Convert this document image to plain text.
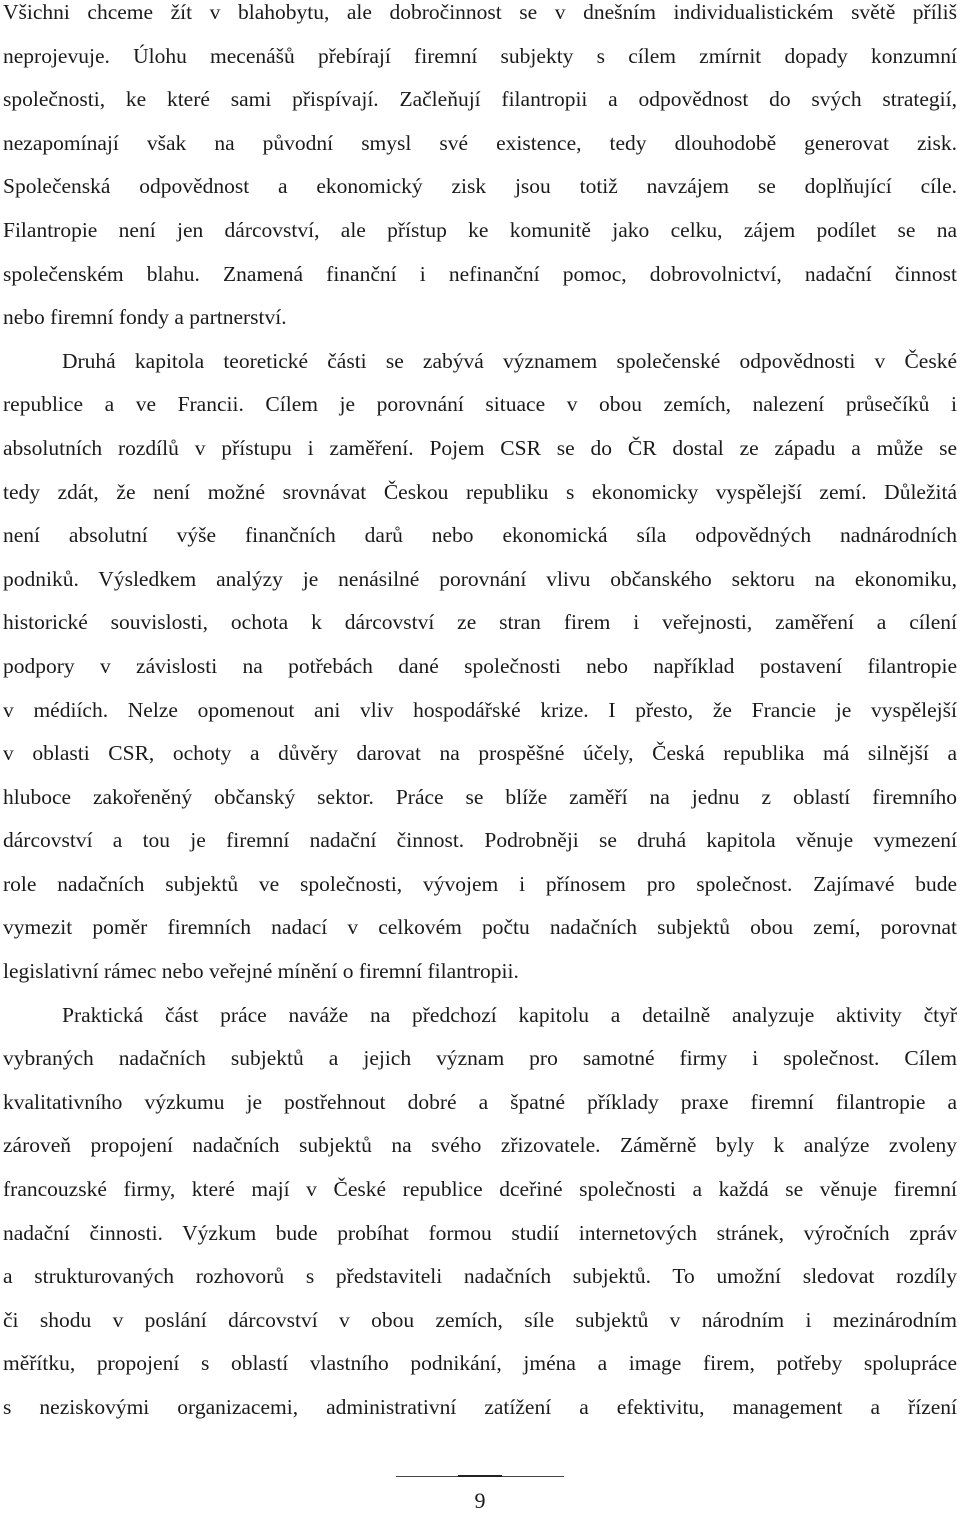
Všichni chceme žít v blahobytu, ale dobročinnost se v dnešním individualistickém světě příliš
neprojevuje. Úlohu mecenášů přebírají firemní subjekty s cílem zmírnit dopady konzumní
společnosti, ke které sami přispívají. Začleňují filantropii a odpovědnost do svých strategií,
nezapomínají však na původní smysl své existence, tedy dlouhodobě generovat zisk.
Společenská odpovědnost a ekonomický zisk jsou totiž navzájem se doplňující cíle.
Filantropie není jen dárcovství, ale přístup ke komunitě jako celku, zájem podílet se na
společenském blahu. Znamená finanční i nefinanční pomoc, dobrovolnictví, nadační činnost
nebo firemní fondy a partnerství.
Druhá kapitola teoretické části se zabývá významem společenské odpovědnosti v České
republice a ve Francii. Cílem je porovnání situace v obou zemích, nalezení průsečíků i
absolutních rozdílů v přístupu i zaměření. Pojem CSR se do ČR dostal ze západu a může se
tedy zdát, že není možné srovnávat Českou republiku s ekonomicky vyspělejší zemí. Důležitá
není absolutní výše finančních darů nebo ekonomická síla odpovědných nadnárodních
podniků. Výsledkem analýzy je nenásilné porovnání vlivu občanského sektoru na ekonomiku,
historické souvislosti, ochota k dárcovství ze stran firem i veřejnosti, zaměření a cílení
podpory v závislosti na potřebách dané společnosti nebo například postavení filantropie
v médiích. Nelze opomenout ani vliv hospodářské krize. I přesto, že Francie je vyspělejší
v oblasti CSR, ochoty a důvěry darovat na prospěšné účely, Česká republika má silnější a
hluboce zakořeněný občanský sektor. Práce se blíže zaměří na jednu z oblastí firemního
dárcovství a tou je firemní nadační činnost. Podrobněji se druhá kapitola věnuje vymezení
role nadačních subjektů ve společnosti, vývojem i přínosem pro společnost. Zajímavé bude
vymezit poměr firemních nadací v celkovém počtu nadačních subjektů obou zemí, porovnat
legislativní rámec nebo veřejné mínění o firemní filantropii.
Praktická část práce naváže na předchozí kapitolu a detailně analyzuje aktivity čtyř
vybraných nadačních subjektů a jejich význam pro samotné firmy i společnost. Cílem
kvalitativního výzkumu je postřehnout dobré a špatné příklady praxe firemní filantropie a
zároveň propojení nadačních subjektů na svého zřizovatele. Záměrně byly k analýze zvoleny
francouzské firmy, které mají v České republice dceřiné společnosti a každá se věnuje firemní
nadační činnosti. Výzkum bude probíhat formou studií internetových stránek, výročních zpráv
a strukturovaných rozhovorů s představiteli nadačních subjektů. To umožní sledovat rozdíly
či shodu v poslání dárcovství v obou zemích, síle subjektů v národním i mezinárodním
měřítku, propojení s oblastí vlastního podnikání, jména a image firem, potřeby spolupráce
s neziskovými organizacemi, administrativní zatížení a efektivitu, management a řízení
9
